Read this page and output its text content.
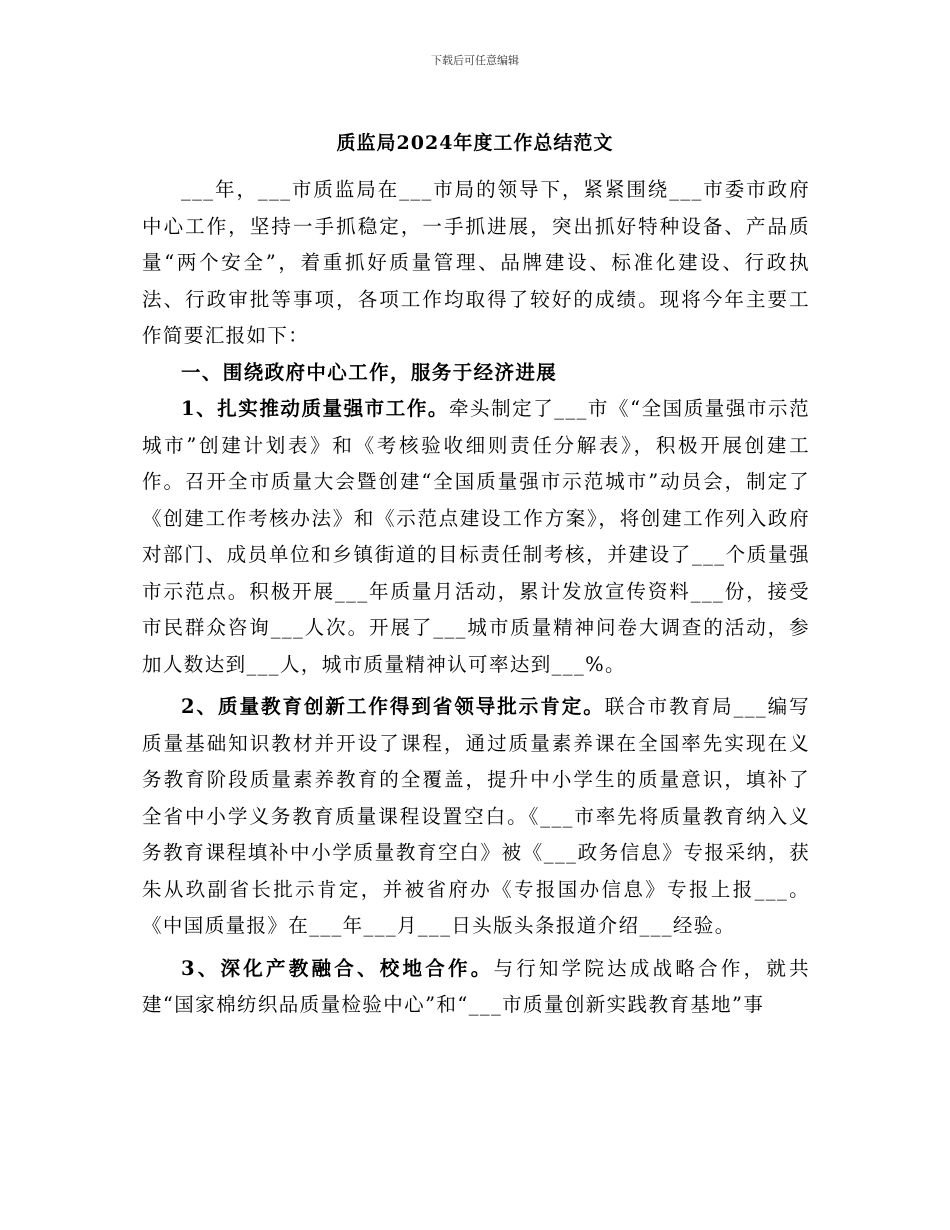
下载后可任意编辑
质监局2024年度工作总结范文

___年，___市质监局在___市局的领导下，紧紧围绕___市委市政府中心工作，坚持一手抓稳定，一手抓进展，突出抓好特种设备、产品质量“两个安全”，着重抓好质量管理、品牌建设、标准化建设、行政执法、行政审批等事项，各项工作均取得了较好的成绩。现将今年主要工作简要汇报如下：

一、围绕政府中心工作，服务于经济进展

1、扎实推动质量强市工作。牵头制定了___市《“全国质量强市示范城市”创建计划表》和《考核验收细则责任分解表》，积极开展创建工作。召开全市质量大会暨创建“全国质量强市示范城市”动员会，制定了《创建工作考核办法》和《示范点建设工作方案》，将创建工作列入政府对部门、成员单位和乡镇街道的目标责任制考核，并建设了___个质量强市示范点。积极开展___年质量月活动，累计发放宣传资料___份，接受市民群众咨询___人次。开展了___城市质量精神问卷大调查的活动，参加人数达到___人，城市质量精神认可率达到___%。

2、质量教育创新工作得到省领导批示肯定。联合市教育局___编写质量基础知识教材并开设了课程，通过质量素养课在全国率先实现在义务教育阶段质量素养教育的全覆盖，提升中小学生的质量意识，填补了全省中小学义务教育质量课程设置空白。《___市率先将质量教育纳入义务教育课程填补中小学质量教育空白》被《___政务信息》专报采纳，获朱从玖副省长批示肯定，并被省府办《专报国办信息》专报上报___。《中国质量报》在___年___月___日头版头条报道介绍___经验。

3、深化产教融合、校地合作。与行知学院达成战略合作，就共建“国家棉纺织品质量检验中心”和“___市质量创新实践教育基地”事
